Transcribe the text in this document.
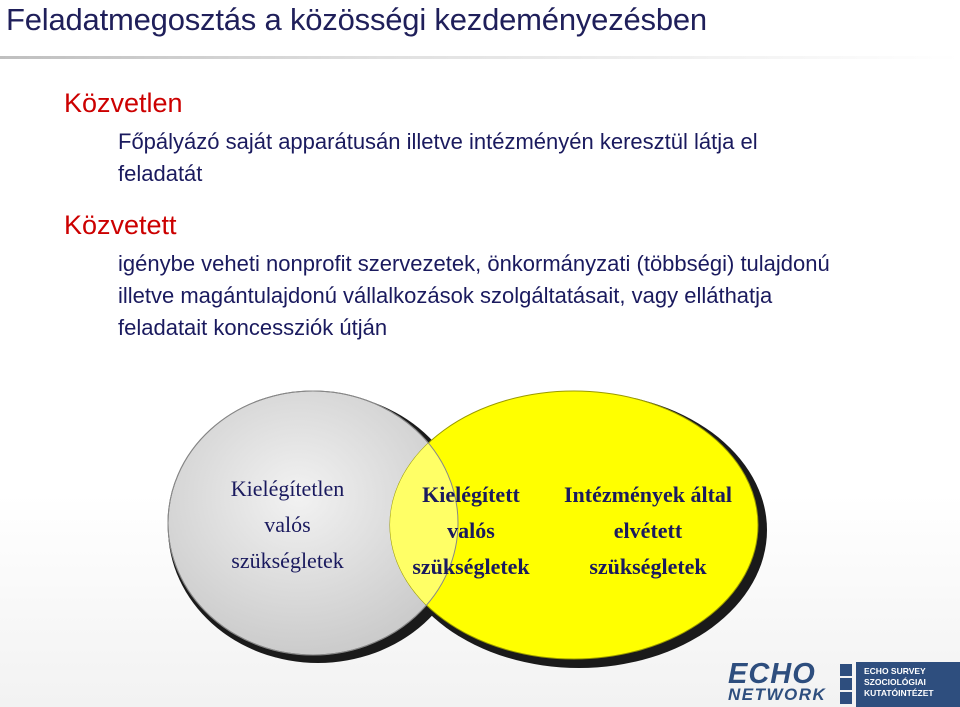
Feladatmegosztás a közösségi kezdeményezésben
Közvetlen
Főpályázó saját apparátusán illetve intézményén keresztül látja el
feladatát
Közvetett
igénybe veheti nonprofit szervezetek, önkormányzati (többségi) tulajdonú
illetve magántulajdonú vállalkozások szolgáltatásait, vagy elláthatja
feladatait koncessziók útján
Kielégítetlen
valós
szükségletek
Kielégített
valós
szükségletek
Intézmények által
elvétett
szükségletek
ECHO
NETWORK
ECHO SURVEY
SZOCIOLÓGIAI
KUTATÓINTÉZET
